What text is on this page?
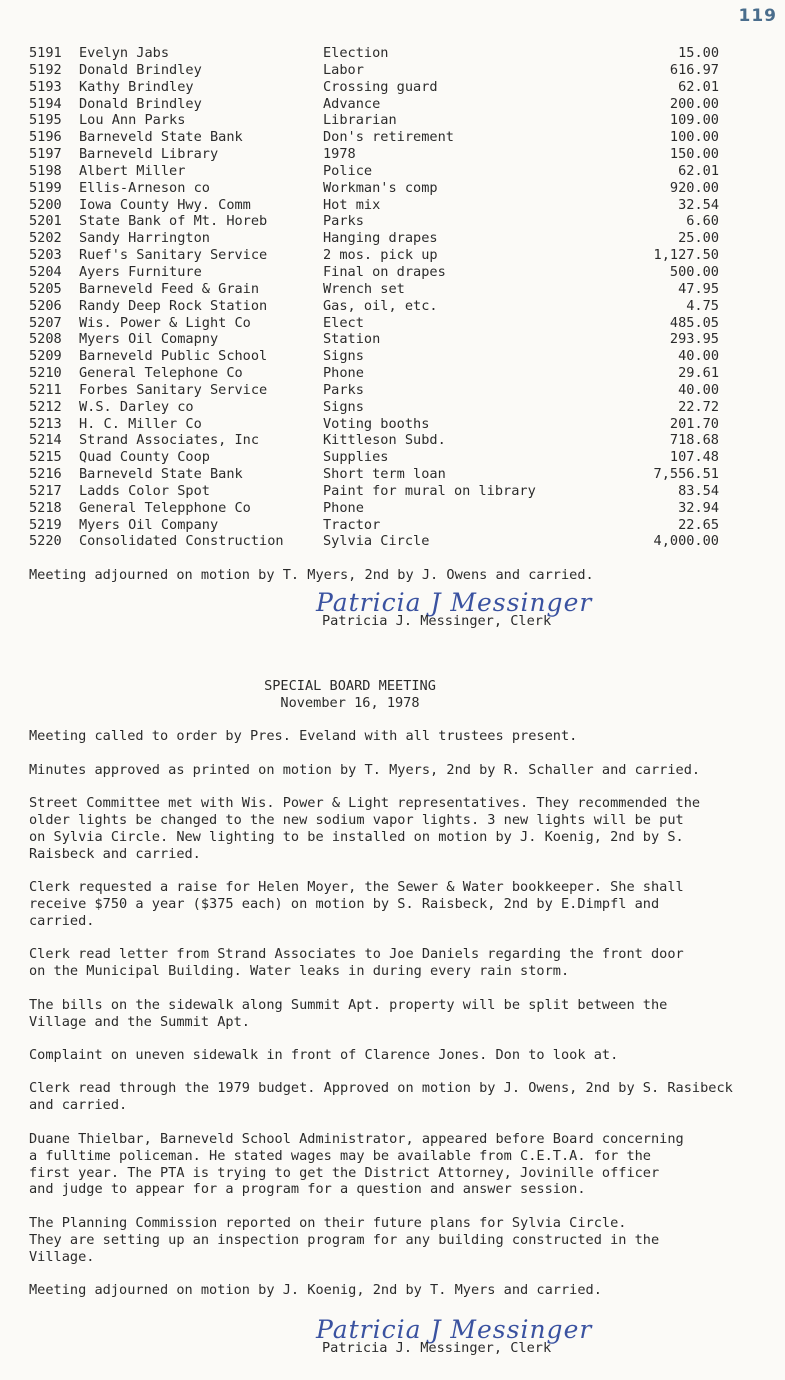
119
5191 Evelyn Jabs	Election	15.00
5192 Donald Brindley	Labor	616.97
5193 Kathy Brindley	Crossing guard	62.01
5194 Donald Brindley	Advance	200.00
5195 Lou Ann Parks	Librarian	109.00
5196 Barneveld State Bank	Don's retirement	100.00
5197 Barneveld Library	1978	150.00
5198 Albert Miller	Police	62.01
5199 Ellis-Arneson co	Workman's comp	920.00
5200 Iowa County Hwy. Comm	Hot mix	32.54
5201 State Bank of Mt. Horeb	Parks	6.60
5202 Sandy Harrington	Hanging drapes	25.00
5203 Ruef's Sanitary Service	2 mos. pick up	1,127.50
5204 Ayers Furniture	Final on drapes	500.00
5205 Barneveld Feed & Grain	Wrench set	47.95
5206 Randy Deep Rock Station	Gas, oil, etc.	4.75
5207 Wis. Power & Light Co	Elect	485.05
5208 Myers Oil Comapny	Station	293.95
5209 Barneveld Public School	Signs	40.00
5210 General Telephone Co	Phone	29.61
5211 Forbes Sanitary Service	Parks	40.00
5212 W.S. Darley co	Signs	22.72
5213 H. C. Miller Co	Voting booths	201.70
5214 Strand Associates, Inc	Kittleson Subd.	718.68
5215 Quad County Coop	Supplies	107.48
5216 Barneveld State Bank	Short term loan	7,556.51
5217 Ladds Color Spot	Paint for mural on library	83.54
5218 General Telepphone Co	Phone	32.94
5219 Myers Oil Company	Tractor	22.65
5220 Consolidated Construction	Sylvia Circle	4,000.00

Meeting adjourned on motion by T. Myers, 2nd by J. Owens and carried.

Patricia J Messinger
Patricia J. Messinger, Clerk
SPECIAL BOARD MEETING
November 16, 1978

Meeting called to order by Pres. Eveland with all trustees present.

Minutes approved as printed on motion by T. Myers, 2nd by R. Schaller and carried.

Street Committee met with Wis. Power & Light representatives. They recommended the
older lights be changed to the new sodium vapor lights. 3 new lights will be put
on Sylvia Circle. New lighting to be installed on motion by J. Koenig, 2nd by S.
Raisbeck and carried.

Clerk requested a raise for Helen Moyer, the Sewer & Water bookkeeper. She shall
receive $750 a year ($375 each) on motion by S. Raisbeck, 2nd by E.Dimpfl and
carried.

Clerk read letter from Strand Associates to Joe Daniels regarding the front door
on the Municipal Building. Water leaks in during every rain storm.

The bills on the sidewalk along Summit Apt. property will be split between the
Village and the Summit Apt.

Complaint on uneven sidewalk in front of Clarence Jones. Don to look at.

Clerk read through the 1979 budget. Approved on motion by J. Owens, 2nd by S. Rasibeck
and carried.

Duane Thielbar, Barneveld School Administrator, appeared before Board concerning
a fulltime policeman. He stated wages may be available from C.E.T.A. for the
first year. The PTA is trying to get the District Attorney, Jovinille officer
and judge to appear for a program for a question and answer session.

The Planning Commission reported on their future plans for Sylvia Circle.
They are setting up an inspection program for any building constructed in the
Village.

Meeting adjourned on motion by J. Koenig, 2nd by T. Myers and carried.

Patricia J Messinger
Patricia J. Messinger, Clerk
